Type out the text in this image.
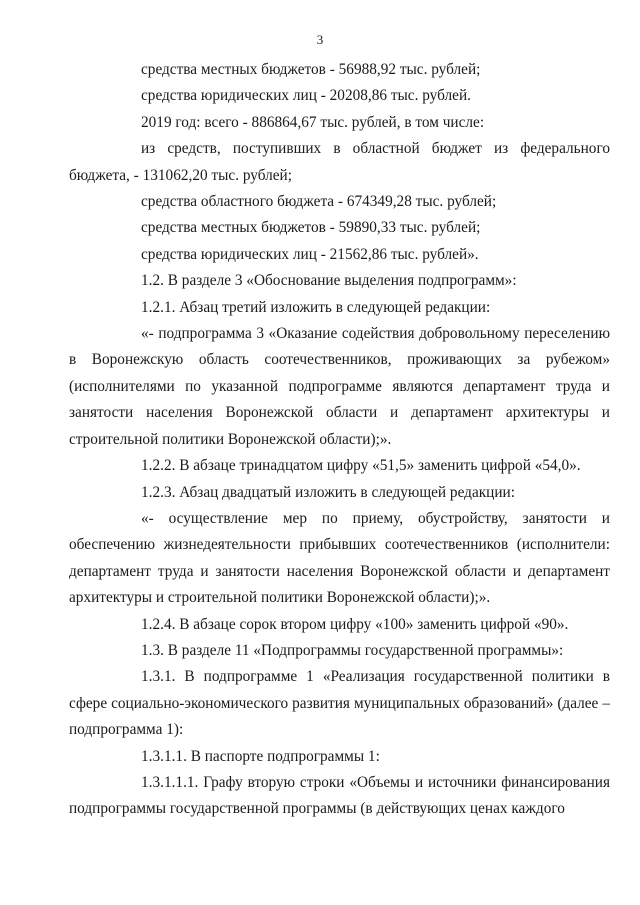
3

средства местных бюджетов - 56988,92 тыс. рублей;

средства юридических лиц - 20208,86 тыс. рублей.

2019 год: всего - 886864,67 тыс. рублей, в том числе:

из средств, поступивших в областной бюджет из федерального бюджета, - 131062,20 тыс. рублей;

средства областного бюджета - 674349,28 тыс. рублей;

средства местных бюджетов - 59890,33 тыс. рублей;

средства юридических лиц - 21562,86 тыс. рублей».

1.2. В разделе 3 «Обоснование выделения подпрограмм»:

1.2.1. Абзац третий изложить в следующей редакции:

«- подпрограмма 3 «Оказание содействия добровольному переселению в Воронежскую область соотечественников, проживающих за рубежом» (исполнителями по указанной подпрограмме являются департамент труда и занятости населения Воронежской области и департамент архитектуры и строительной политики Воронежской области);».

1.2.2. В абзаце тринадцатом цифру «51,5» заменить цифрой «54,0».

1.2.3. Абзац двадцатый изложить в следующей редакции:

«- осуществление мер по приему, обустройству, занятости и обеспечению жизнедеятельности прибывших соотечественников (исполнители: департамент труда и занятости населения Воронежской области и департамент архитектуры и строительной политики Воронежской области);».

1.2.4. В абзаце сорок втором цифру «100» заменить цифрой «90».

1.3. В разделе 11 «Подпрограммы государственной программы»:

1.3.1. В подпрограмме 1 «Реализация государственной политики в сфере социально-экономического развития муниципальных образований» (далее – подпрограмма 1):

1.3.1.1. В паспорте подпрограммы 1:

1.3.1.1.1. Графу вторую строки «Объемы и источники финансирования подпрограммы государственной программы (в действующих ценах каждого
